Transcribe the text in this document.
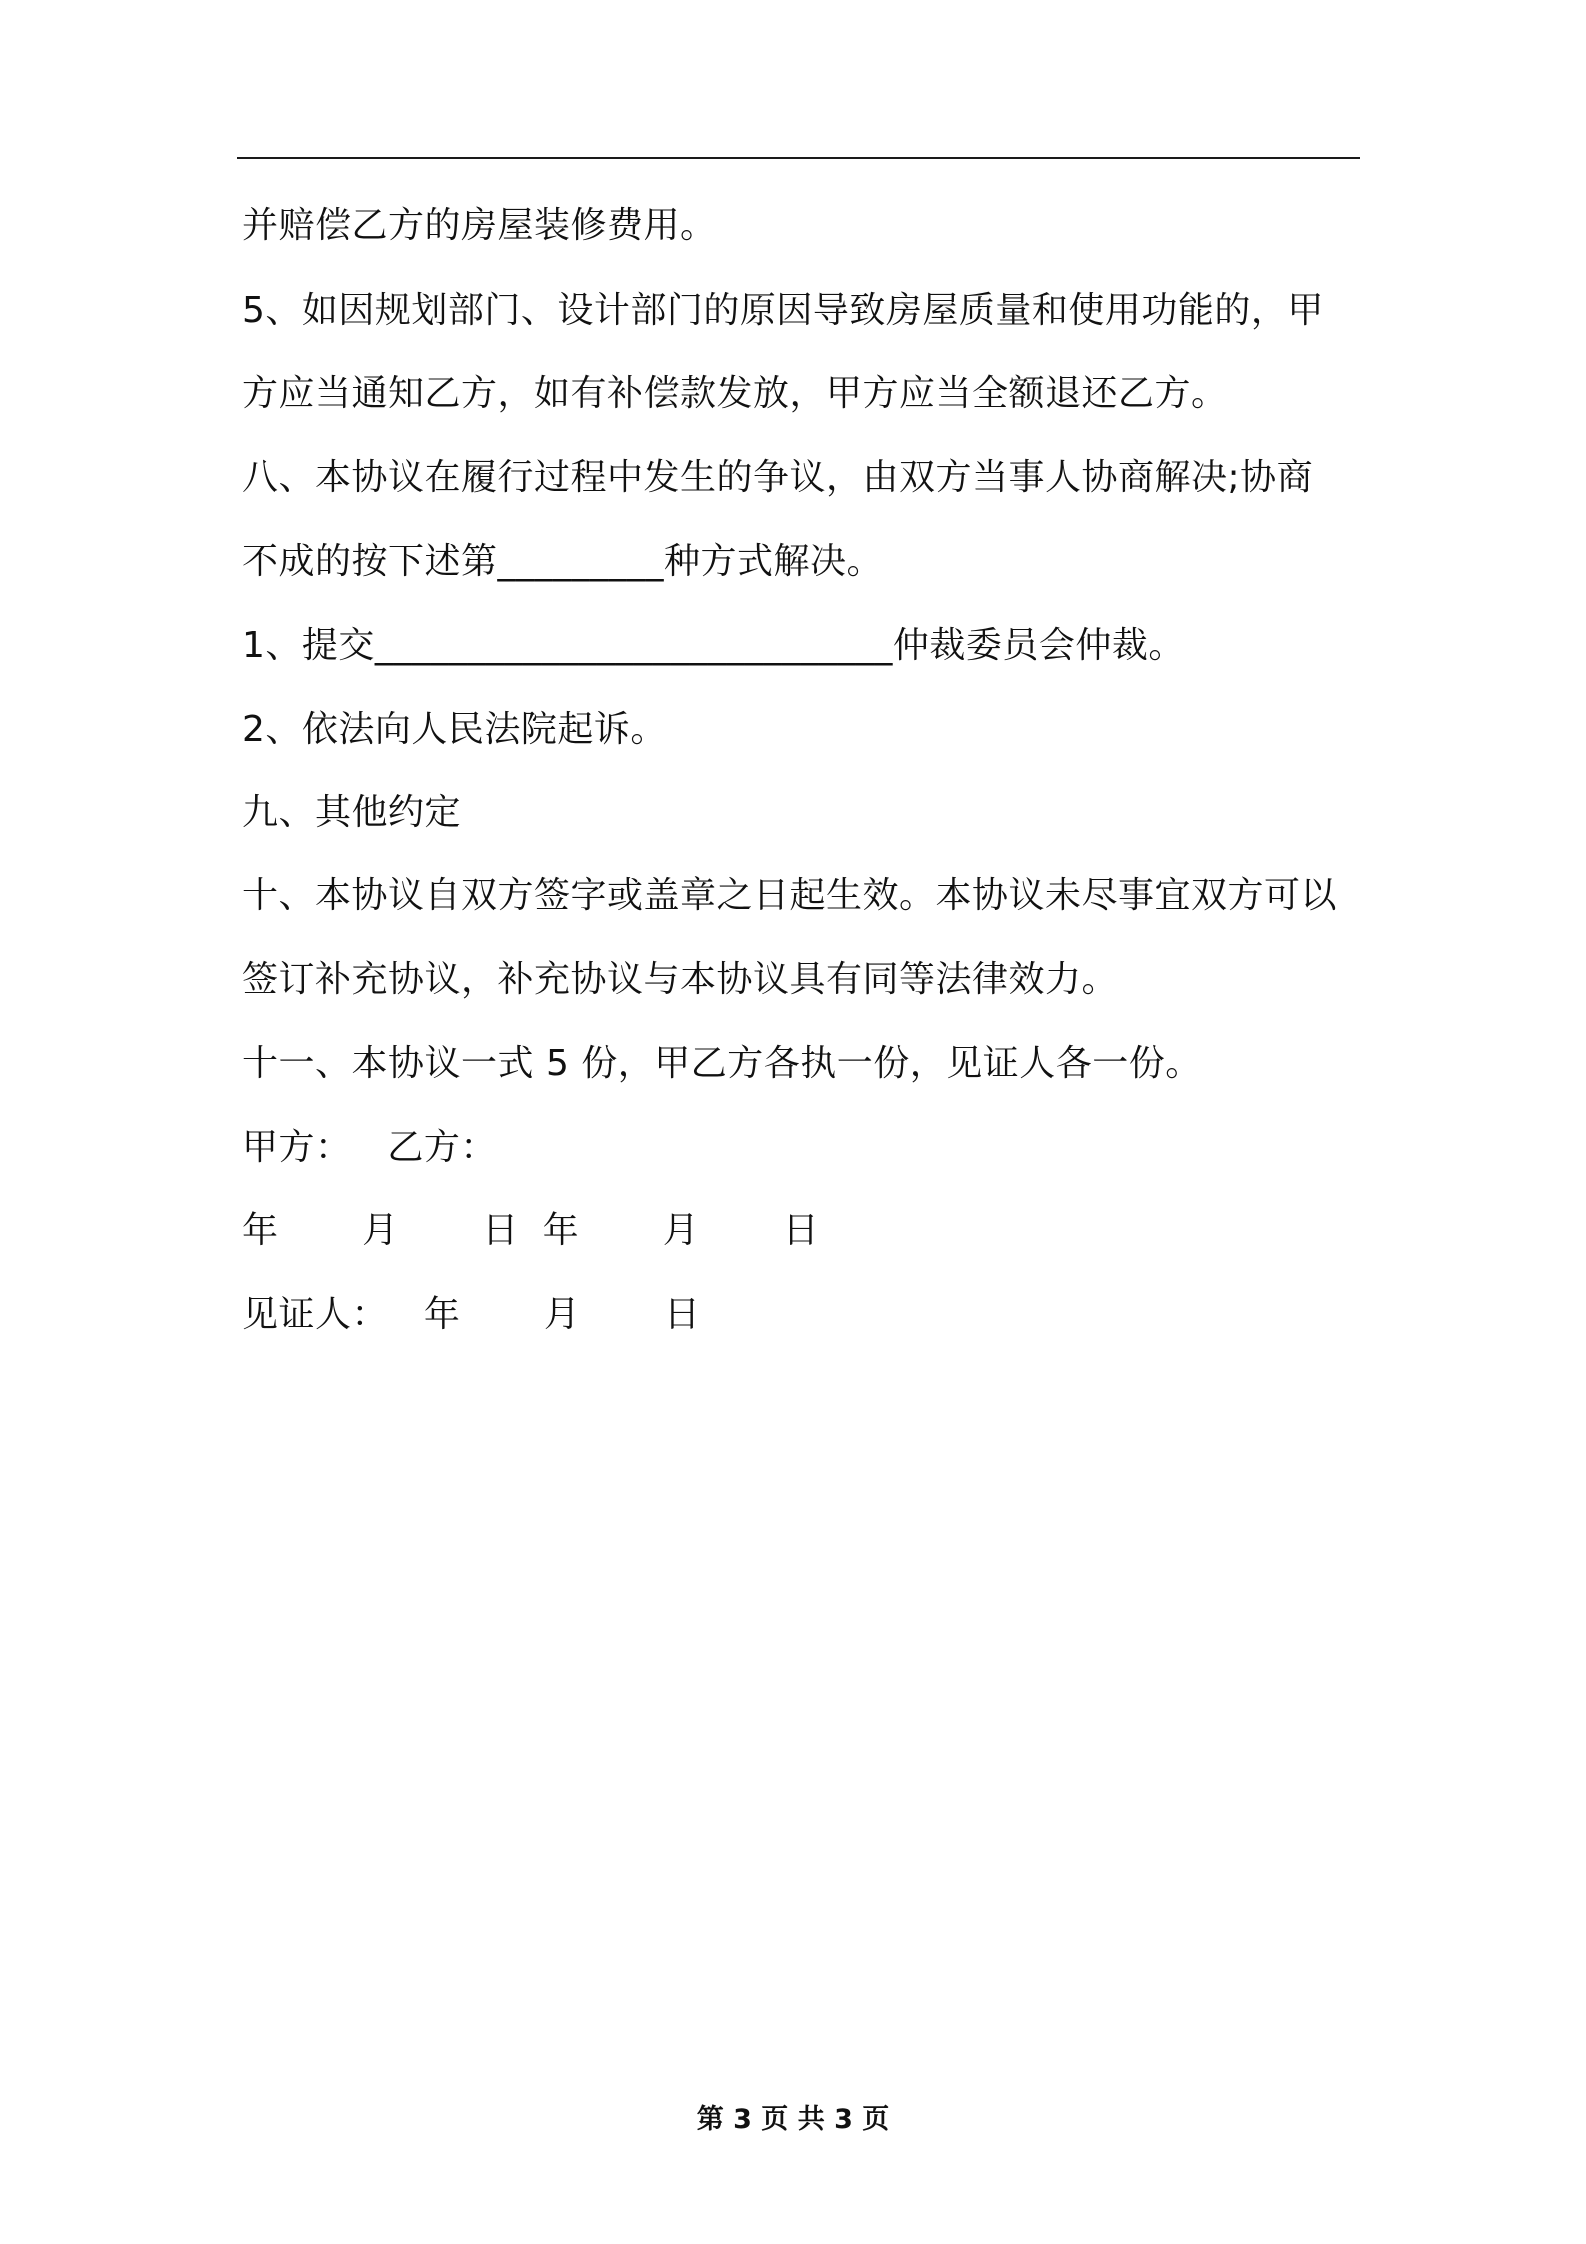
并赔偿乙方的房屋装修费用。
5、如因规划部门、设计部门的原因导致房屋质量和使用功能的，甲
方应当通知乙方，如有补偿款发放，甲方应当全额退还乙方。
八、本协议在履行过程中发生的争议，由双方当事人协商解决;协商
不成的按下述第_________种方式解决。
1、提交____________________________仲裁委员会仲裁。
2、依法向人民法院起诉。
九、其他约定
十、本协议自双方签字或盖章之日起生效。本协议未尽事宜双方可以
签订补充协议，补充协议与本协议具有同等法律效力。
十一、本协议一式 5 份，甲乙方各执一份，见证人各一份。
甲方：   乙方：
年       月       日  年       月       日
见证人：   年       月       日
第 3 页 共 3 页
